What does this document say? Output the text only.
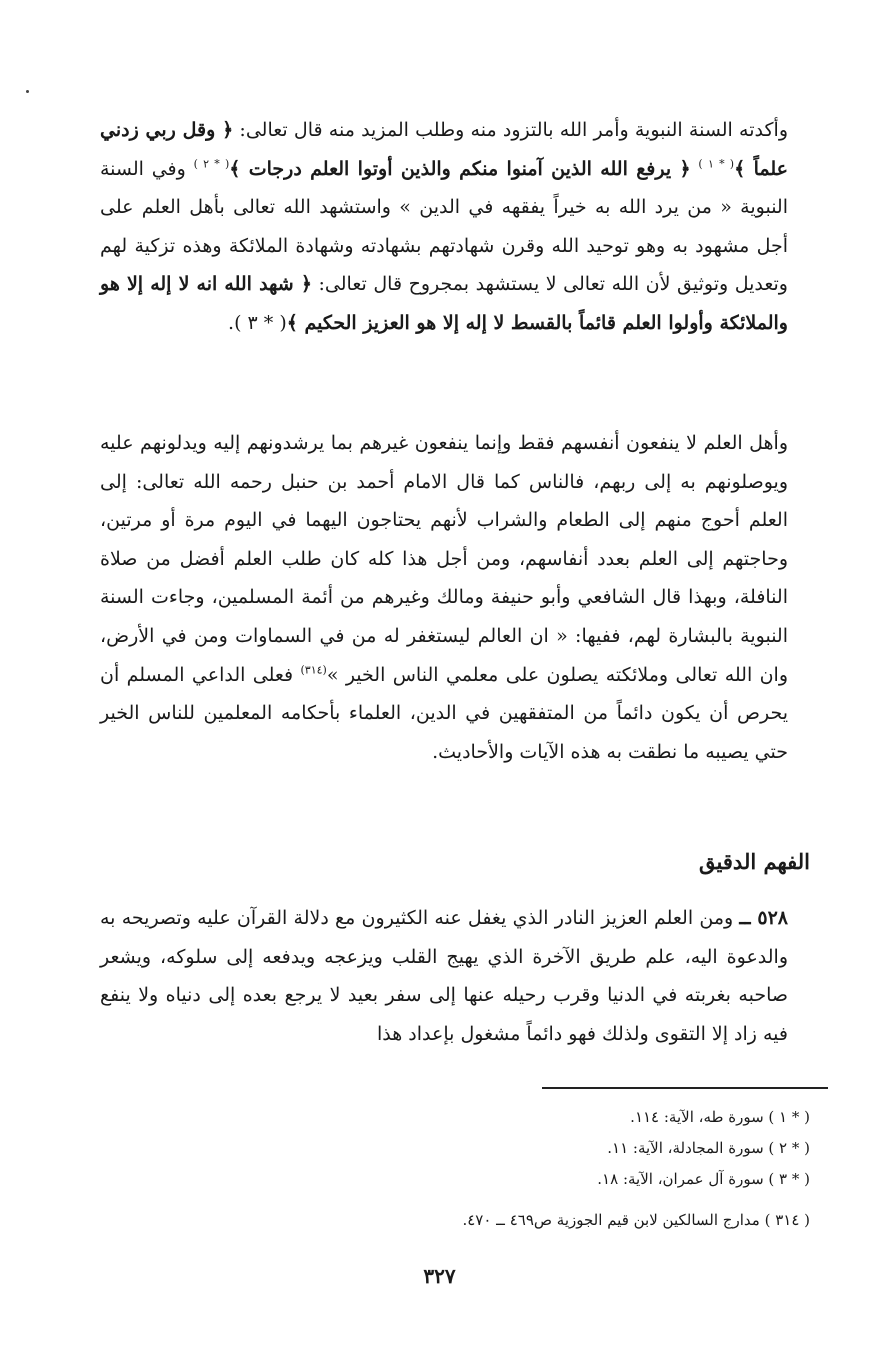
وأكدته السنة النبوية وأمر الله بالتزود منه وطلب المزيد منه قال تعالى: ﴿ وقل ربي زدني علماً ﴾$^{( * ١ )}$ ﴿ يرفع الله الذين آمنوا منكم والذين أوتوا العلم درجات ﴾$^{( * ٢ )}$ وفي السنة النبوية « من يرد الله به خيراً يفقهه في الدين » واستشهد الله تعالى بأهل العلم على أجل مشهود به وهو توحيد الله وقرن شهادتهم بشهادته وشهادة الملائكة وهذه تزكية لهم وتعديل وتوثيق لأن الله تعالى لا يستشهد بمجروح قال تعالى: ﴿ شهد الله انه لا إله إلا هو والملائكة وأولوا العلم قائماً بالقسط لا إله إلا هو العزيز الحكيم ﴾( * ٣ ).

وأهل العلم لا ينفعون أنفسهم فقط وإنما ينفعون غيرهم بما يرشدونهم إليه ويدلونهم عليه ويوصلونهم به إلى ربهم، فالناس كما قال الامام أحمد بن حنبل رحمه الله تعالى: إلى العلم أحوج منهم إلى الطعام والشراب لأنهم يحتاجون اليهما في اليوم مرة أو مرتين، وحاجتهم إلى العلم بعدد أنفاسهم، ومن أجل هذا كله كان طلب العلم أفضل من صلاة النافلة، وبهذا قال الشافعي وأبو حنيفة ومالك وغيرهم من أئمة المسلمين، وجاءت السنة النبوية بالبشارة لهم، ففيها: « ان العالم ليستغفر له من في السماوات ومن في الأرض، وان الله تعالى وملائكته يصلون على معلمي الناس الخير »$^{(٣١٤)}$ فعلى الداعي المسلم أن يحرص أن يكون دائماً من المتفقهين في الدين، العلماء بأحكامه المعلمين للناس الخير حتي يصيبه ما نطقت به هذه الآيات والأحاديث.

الفهم الدقيق

٥٢٨ ــ ومن العلم العزيز النادر الذي يغفل عنه الكثيرون مع دلالة القرآن عليه وتصريحه به والدعوة اليه، علم طريق الآخرة الذي يهيج القلب ويزعجه ويدفعه إلى سلوكه، ويشعر صاحبه بغربته في الدنيا وقرب رحيله عنها إلى سفر بعيد لا يرجع بعده إلى دنياه ولا ينفع فيه زاد إلا التقوى ولذلك فهو دائماً مشغول بإعداد هذا

( * ١ ) سورة طه، الآية: ١١٤.

( * ٢ ) سورة المجادلة، الآية: ١١.

( * ٣ ) سورة آل عمران، الآية: ١٨.

( ٣١٤ ) مدارج السالكين لابن قيم الجوزية ص٤٦٩ ــ ٤٧٠.

٣٢٧
